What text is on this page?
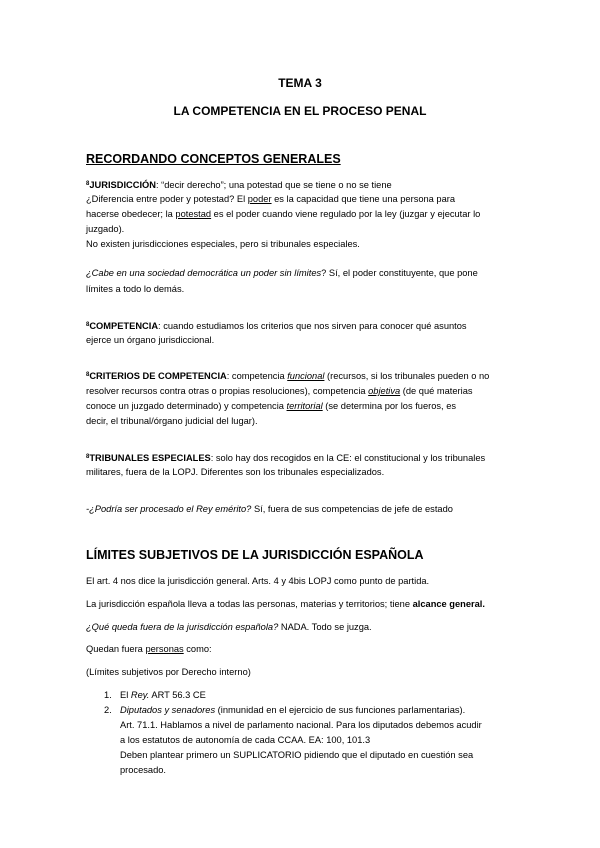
TEMA 3
LA COMPETENCIA EN EL PROCESO PENAL
RECORDANDO CONCEPTOS GENERALES
$^8$JURISDICCIÓN: “decir derecho”; una potestad que se tiene o no se tiene
¿Diferencia entre poder y potestad? El poder es la capacidad que tiene una persona para
hacerse obedecer; la potestad es el poder cuando viene regulado por la ley (juzgar y ejecutar lo
juzgado).
No existen jurisdicciones especiales, pero si tribunales especiales.
¿Cabe en una sociedad democrática un poder sin límites? Sí, el poder constituyente, que pone
límites a todo lo demás.
$^8$COMPETENCIA: cuando estudiamos los criterios que nos sirven para conocer qué asuntos
ejerce un órgano jurisdiccional.
$^8$CRITERIOS DE COMPETENCIA: competencia funcional (recursos, si los tribunales pueden o no
resolver recursos contra otras o propias resoluciones), competencia objetiva (de qué materias
conoce un juzgado determinado) y competencia territorial (se determina por los fueros, es
decir, el tribunal/órgano judicial del lugar).
$^8$TRIBUNALES ESPECIALES: solo hay dos recogidos en la CE: el constitucional y los tribunales
militares, fuera de la LOPJ. Diferentes son los tribunales especializados.
-¿Podría ser procesado el Rey emérito? Sí, fuera de sus competencias de jefe de estado
LÍMITES SUBJETIVOS DE LA JURISDICCIÓN ESPAÑOLA
El art. 4 nos dice la jurisdicción general. Arts. 4 y 4bis LOPJ como punto de partida.
La jurisdicción española lleva a todas las personas, materias y territorios; tiene alcance general.
¿Qué queda fuera de la jurisdicción española? NADA. Todo se juzga.
Quedan fuera personas como:
(Límites subjetivos por Derecho interno)
1. El Rey. ART 56.3 CE
2. Diputados y senadores (inmunidad en el ejercicio de sus funciones parlamentarias).
Art. 71.1. Hablamos a nivel de parlamento nacional. Para los diputados debemos acudir
a los estatutos de autonomía de cada CCAA. EA: 100, 101.3
Deben plantear primero un SUPLICATORIO pidiendo que el diputado en cuestión sea
procesado.
